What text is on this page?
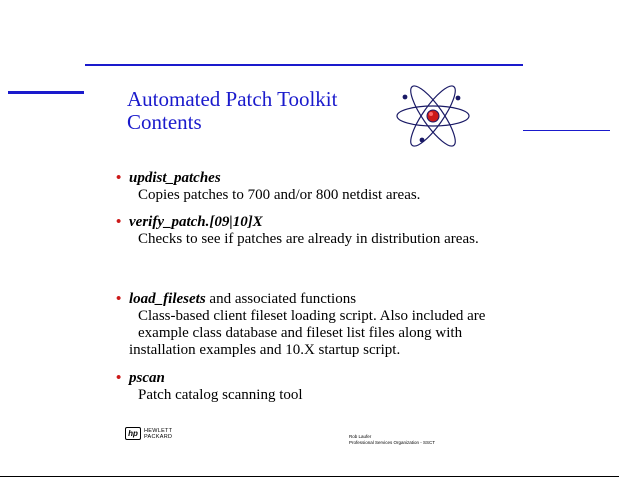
Automated Patch Toolkit
Contents
• updist_patches
Copies patches to 700 and/or 800 netdist areas.
• verify_patch.[09|10]X
Checks to see if patches are already in distribution areas.
• load_filesets and associated functions
Class-based client fileset loading script. Also included are
example class database and fileset list files along with
installation examples and 10.X startup script.
• pscan
Patch catalog scanning tool
hp	HEWLETT
PACKARD	Rob Laufer
Professional Services Organization - SSCT
